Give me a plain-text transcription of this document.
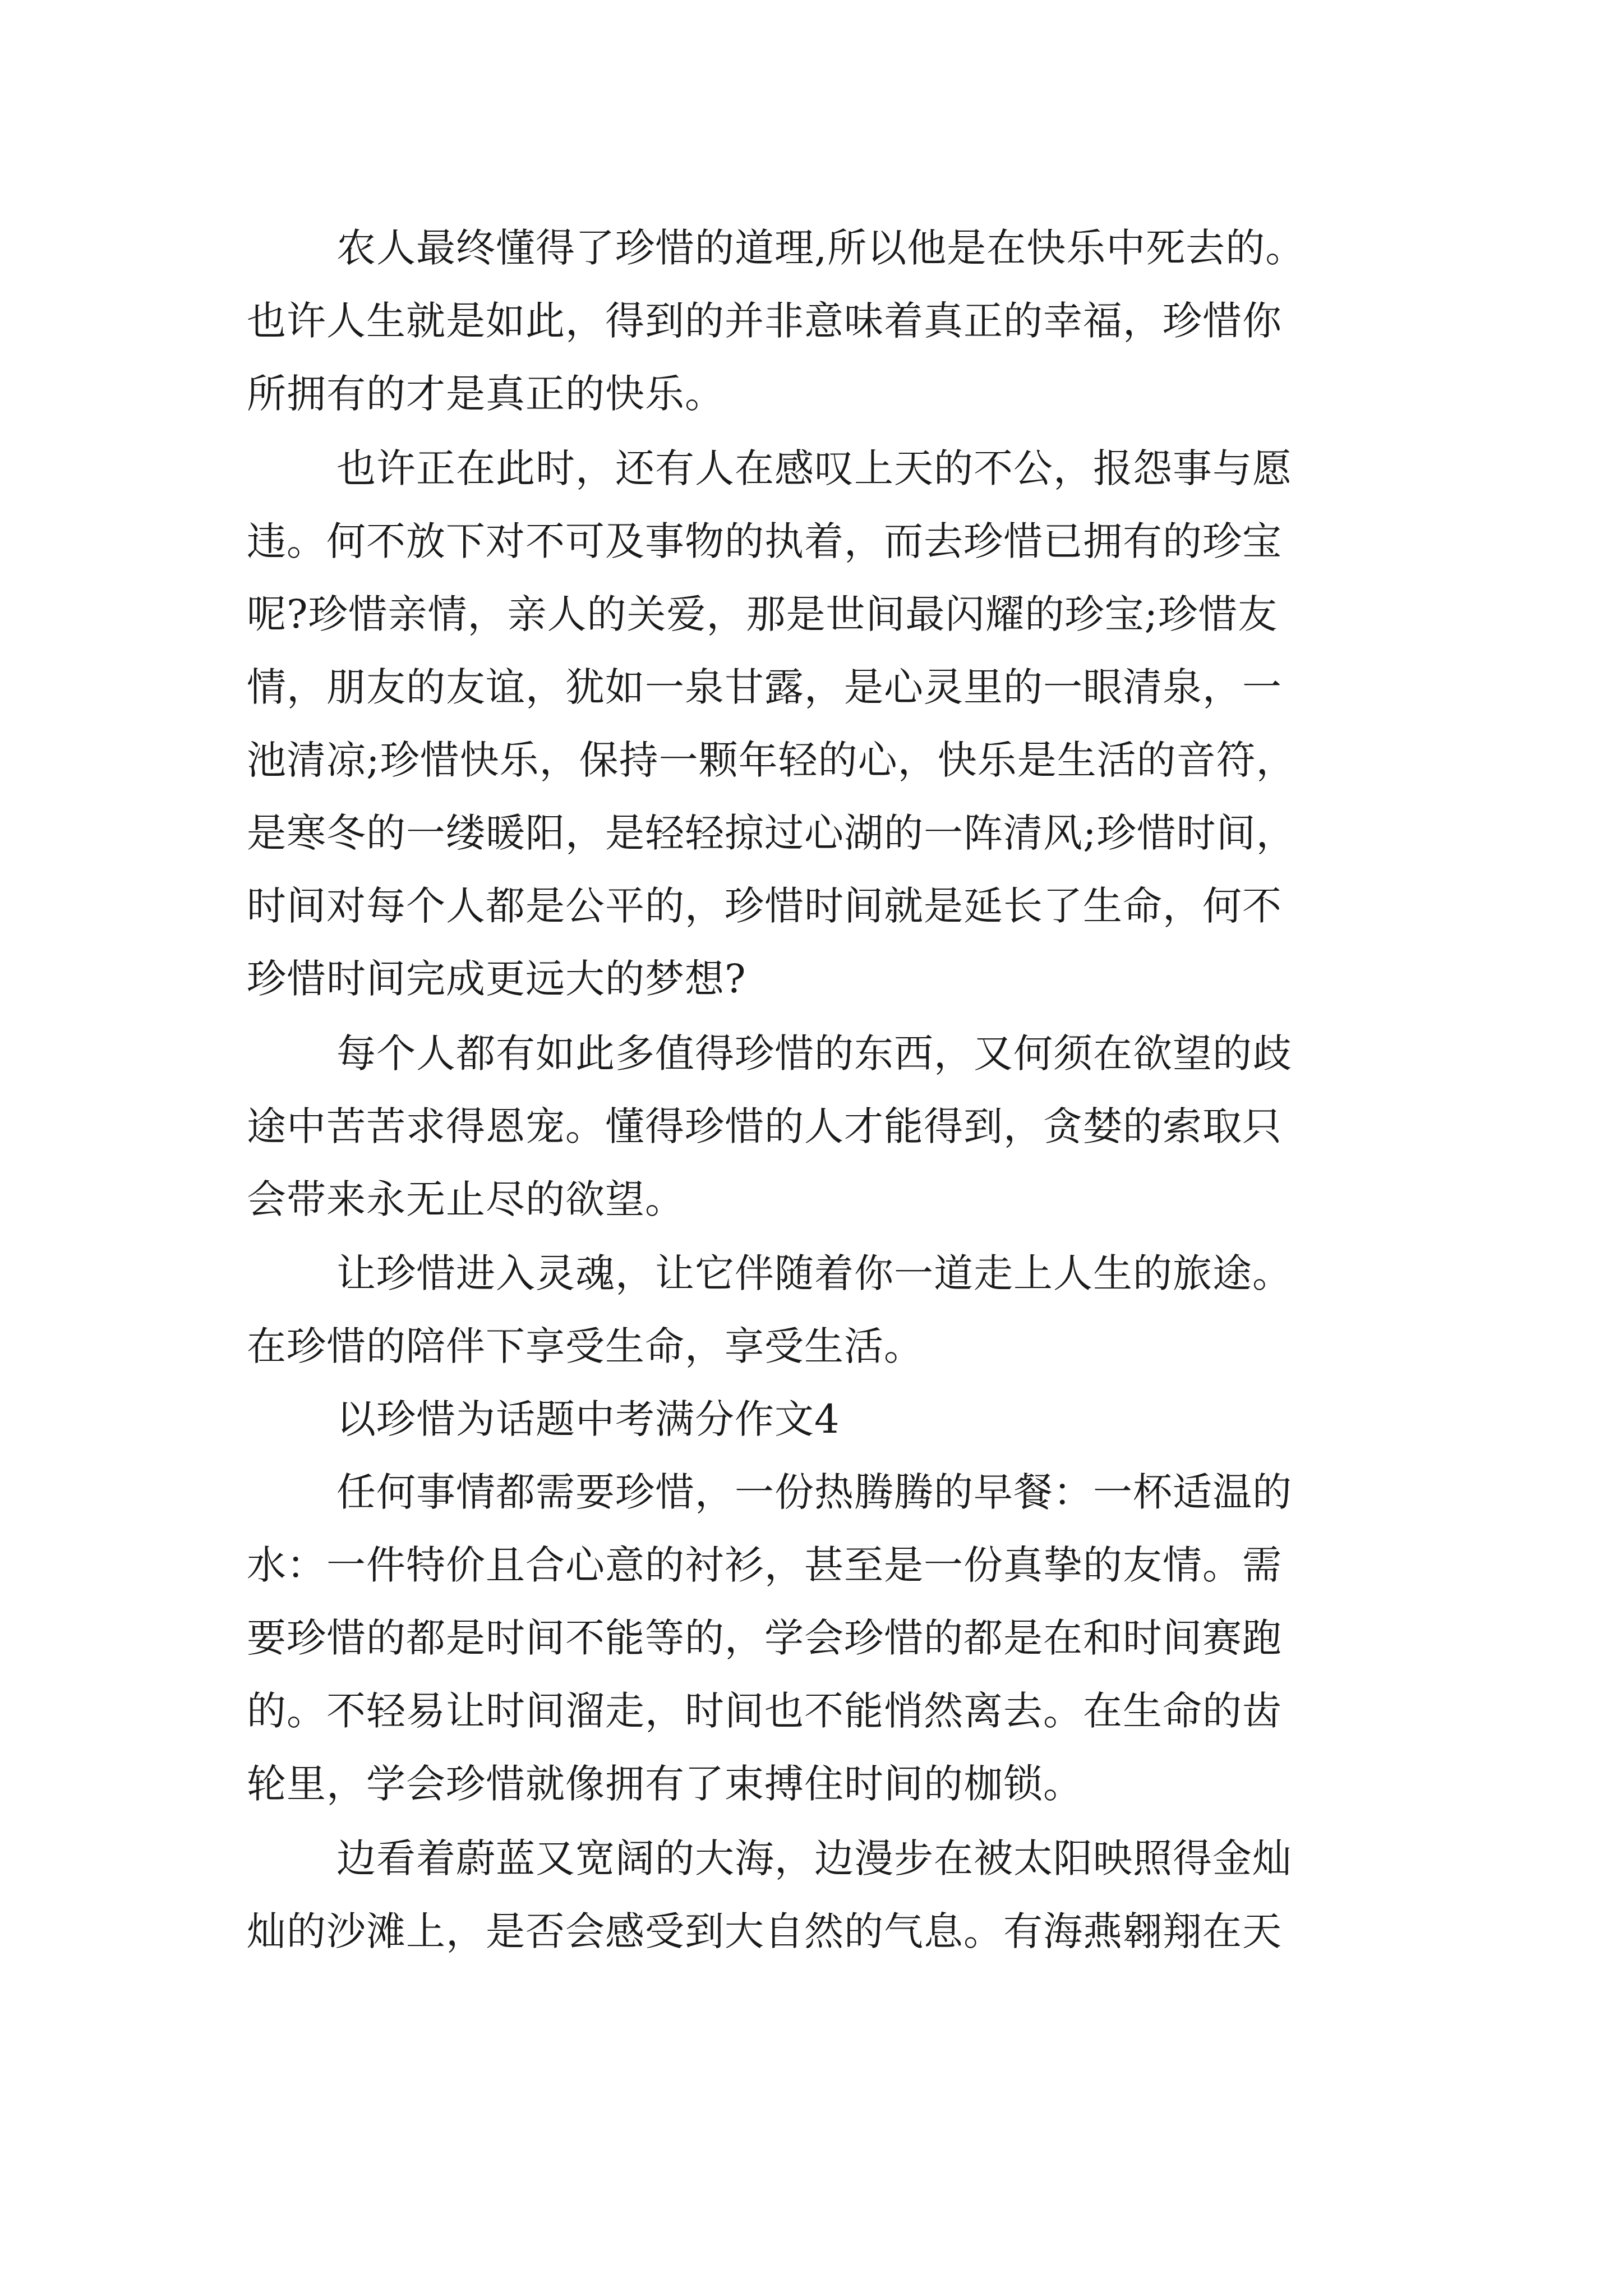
农人最终懂得了珍惜的道理,所以他是在快乐中死去的。
也许人生就是如此，得到的并非意味着真正的幸福，珍惜你
所拥有的才是真正的快乐。
也许正在此时，还有人在感叹上天的不公，报怨事与愿
违。何不放下对不可及事物的执着，而去珍惜已拥有的珍宝
呢?珍惜亲情，亲人的关爱，那是世间最闪耀的珍宝;珍惜友
情，朋友的友谊，犹如一泉甘露，是心灵里的一眼清泉，一
池清凉;珍惜快乐，保持一颗年轻的心，快乐是生活的音符，
是寒冬的一缕暖阳，是轻轻掠过心湖的一阵清风;珍惜时间，
时间对每个人都是公平的，珍惜时间就是延长了生命，何不
珍惜时间完成更远大的梦想?
每个人都有如此多值得珍惜的东西，又何须在欲望的歧
途中苦苦求得恩宠。懂得珍惜的人才能得到，贪婪的索取只
会带来永无止尽的欲望。
让珍惜进入灵魂，让它伴随着你一道走上人生的旅途。
在珍惜的陪伴下享受生命，享受生活。
以珍惜为话题中考满分作文4
任何事情都需要珍惜，一份热腾腾的早餐：一杯适温的
水：一件特价且合心意的衬衫，甚至是一份真挚的友情。需
要珍惜的都是时间不能等的，学会珍惜的都是在和时间赛跑
的。不轻易让时间溜走，时间也不能悄然离去。在生命的齿
轮里，学会珍惜就像拥有了束搏住时间的枷锁。
边看着蔚蓝又宽阔的大海，边漫步在被太阳映照得金灿
灿的沙滩上，是否会感受到大自然的气息。有海燕翱翔在天
